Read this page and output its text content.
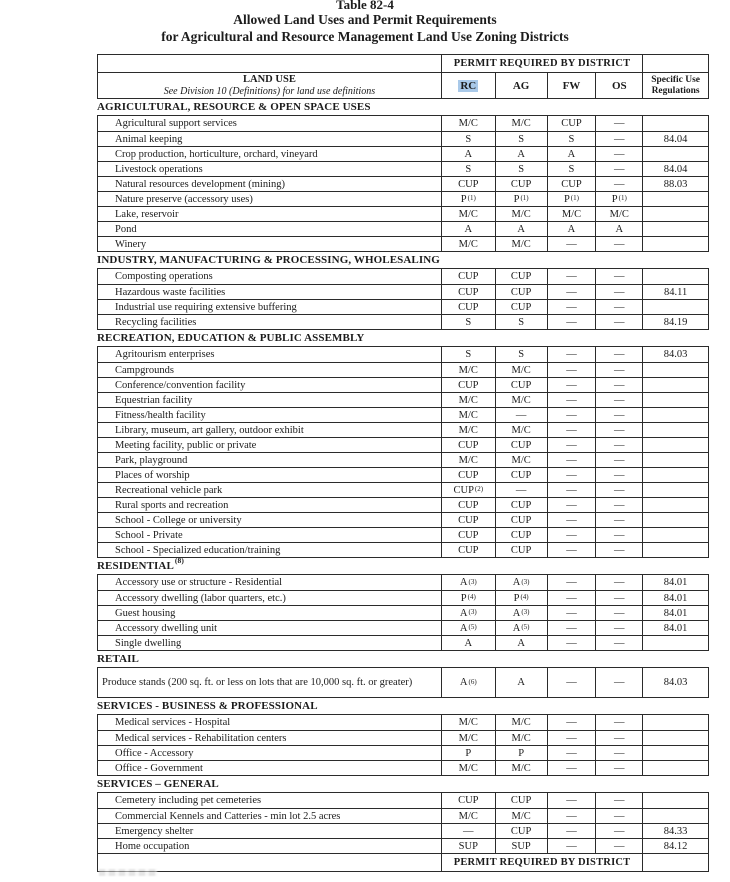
Table 82-4
Allowed Land Uses and Permit Requirements
for Agricultural and Resource Management Land Use Zoning Districts
PERMIT REQUIRED BY DISTRICT
LAND USE
See Division 10 (Definitions) for land use definitions	RC	AG	FW	OS	Specific Use Regulations
AGRICULTURAL, RESOURCE & OPEN SPACE USES
Agricultural support services	M/C	M/C	CUP	—
Animal keeping	S	S	S	—	84.04
Crop production, horticulture, orchard, vineyard	A	A	A	—
Livestock operations	S	S	S	—	84.04
Natural resources development (mining)	CUP	CUP	CUP	—	88.03
Nature preserve (accessory uses)	P $^{(1)}$	P $^{(1)}$	P $^{(1)}$	P $^{(1)}$
Lake, reservoir	M/C	M/C	M/C	M/C
Pond	A	A	A	A
Winery	M/C	M/C	—	—
INDUSTRY, MANUFACTURING & PROCESSING, WHOLESALING
Composting operations	CUP	CUP	—	—
Hazardous waste facilities	CUP	CUP	—	—	84.11
Industrial use requiring extensive buffering	CUP	CUP	—	—
Recycling facilities	S	S	—	—	84.19
RECREATION, EDUCATION & PUBLIC ASSEMBLY
Agritourism enterprises	S	S	—	—	84.03
Campgrounds	M/C	M/C	—	—
Conference/convention facility	CUP	CUP	—	—
Equestrian facility	M/C	M/C	—	—
Fitness/health facility	M/C	—	—	—
Library, museum, art gallery, outdoor exhibit	M/C	M/C	—	—
Meeting facility, public or private	CUP	CUP	—	—
Park, playground	M/C	M/C	—	—
Places of worship	CUP	CUP	—	—
Recreational vehicle park	CUP$^{(2)}$	—	—	—
Rural sports and recreation	CUP	CUP	—	—
School - College or university	CUP	CUP	—	—
School - Private	CUP	CUP	—	—
School - Specialized education/training	CUP	CUP	—	—
RESIDENTIAL$^{(8)}$
Accessory use or structure - Residential	A $^{(3)}$	A $^{(3)}$	—	—	84.01
Accessory dwelling (labor quarters, etc.)	P $^{(4)}$	P $^{(4)}$	—	—	84.01
Guest housing	A $^{(3)}$	A $^{(3)}$	—	—	84.01
Accessory dwelling unit	A $^{(5)}$	A $^{(5)}$	—	—	84.01
Single dwelling	A	A	—	—
RETAIL
Produce stands (200 sq. ft. or less on lots that are 10,000 sq. ft. or greater)	A $^{(6)}$	A	—	—	84.03
SERVICES - BUSINESS & PROFESSIONAL
Medical services - Hospital	M/C	M/C	—	—
Medical services - Rehabilitation centers	M/C	M/C	—	—
Office - Accessory	P	P	—	—
Office - Government	M/C	M/C	—	—
SERVICES – GENERAL
Cemetery including pet cemeteries	CUP	CUP	—	—
Commercial Kennels and Catteries - min lot 2.5 acres	M/C	M/C	—	—
Emergency shelter	—	CUP	—	—	84.33
Home occupation	SUP	SUP	—	—	84.12
PERMIT REQUIRED BY DISTRICT
